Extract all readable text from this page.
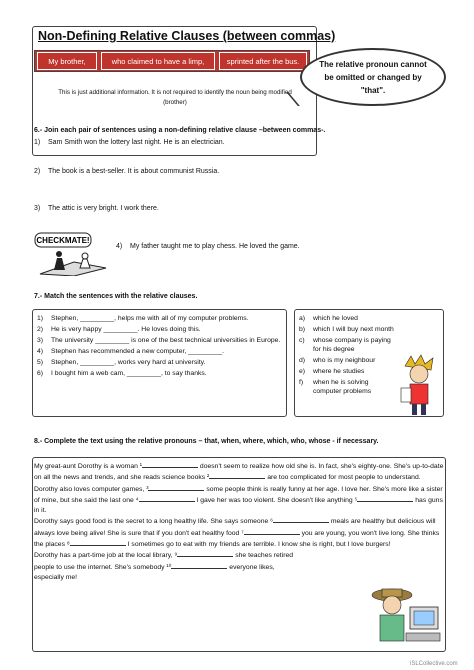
Non-Defining Relative Clauses (between commas)
My brother,	who claimed to have a limp,	sprinted after the bus.
This is just additional information. It is not required to identify the noun being modified (brother)
The relative pronoun cannot be omitted or changed by "that".
6.- Join each pair of sentences using a non-defining relative clause –between commas-.
1) Sam Smith won the lottery last night. He is an electrician.
2) The book is a best-seller. It is about communist Russia.
3) The attic is very bright. I work there.
CHECKMATE!
4) My father taught me to play chess. He loved the game.
7.- Match the sentences with the relative clauses.
1)	Stephen, _________, helps me with all of my computer problems.
2)	He is very happy _________. He loves doing this.
3)	The university _________ is one of the best technical universities in Europe.
4)	Stephen has recommended a new computer, _________.
5)	Stephen, _________, works very hard at university.
6)	I bought him a web cam, _________, to say thanks.
a)	which he loved
b)	which I will buy next month
c)	whose company is paying for his degree
d)	who is my neighbour
e)	where he studies
f)	when he is solving computer problems
8.- Complete the text using the relative pronouns – that, when, where, which, who, whose - if necessary.
My great-aunt Dorothy is a woman ¹	doesn't seem to realize how old she is. In fact, she's eighty-one. She's up-to-date on all the news and trends, and she reads science books ²	are too complicated for most people to understand.
Dorothy also loves computer games, ³	some people think is really funny at her age. I love her. She's more like a sister of mine, but she said the last one ⁴	I gave her was too violent. She doesn't like anything ⁵	has guns in it.
Dorothy says good food is the secret to a long healthy life. She says someone ⁶	meals are healthy but delicious will always love being alive! She is sure that if you don't eat healthy food ⁷	you are young, you won't live long. She thinks the places ⁸	I sometimes go to eat with my friends are terrible. I know she is right, but I love burgers!
Dorothy has a part-time job at the local library, ⁹	she teaches retired people to use the internet. She's somebody ¹⁰	everyone likes, especially me!
iSLCollective.com
